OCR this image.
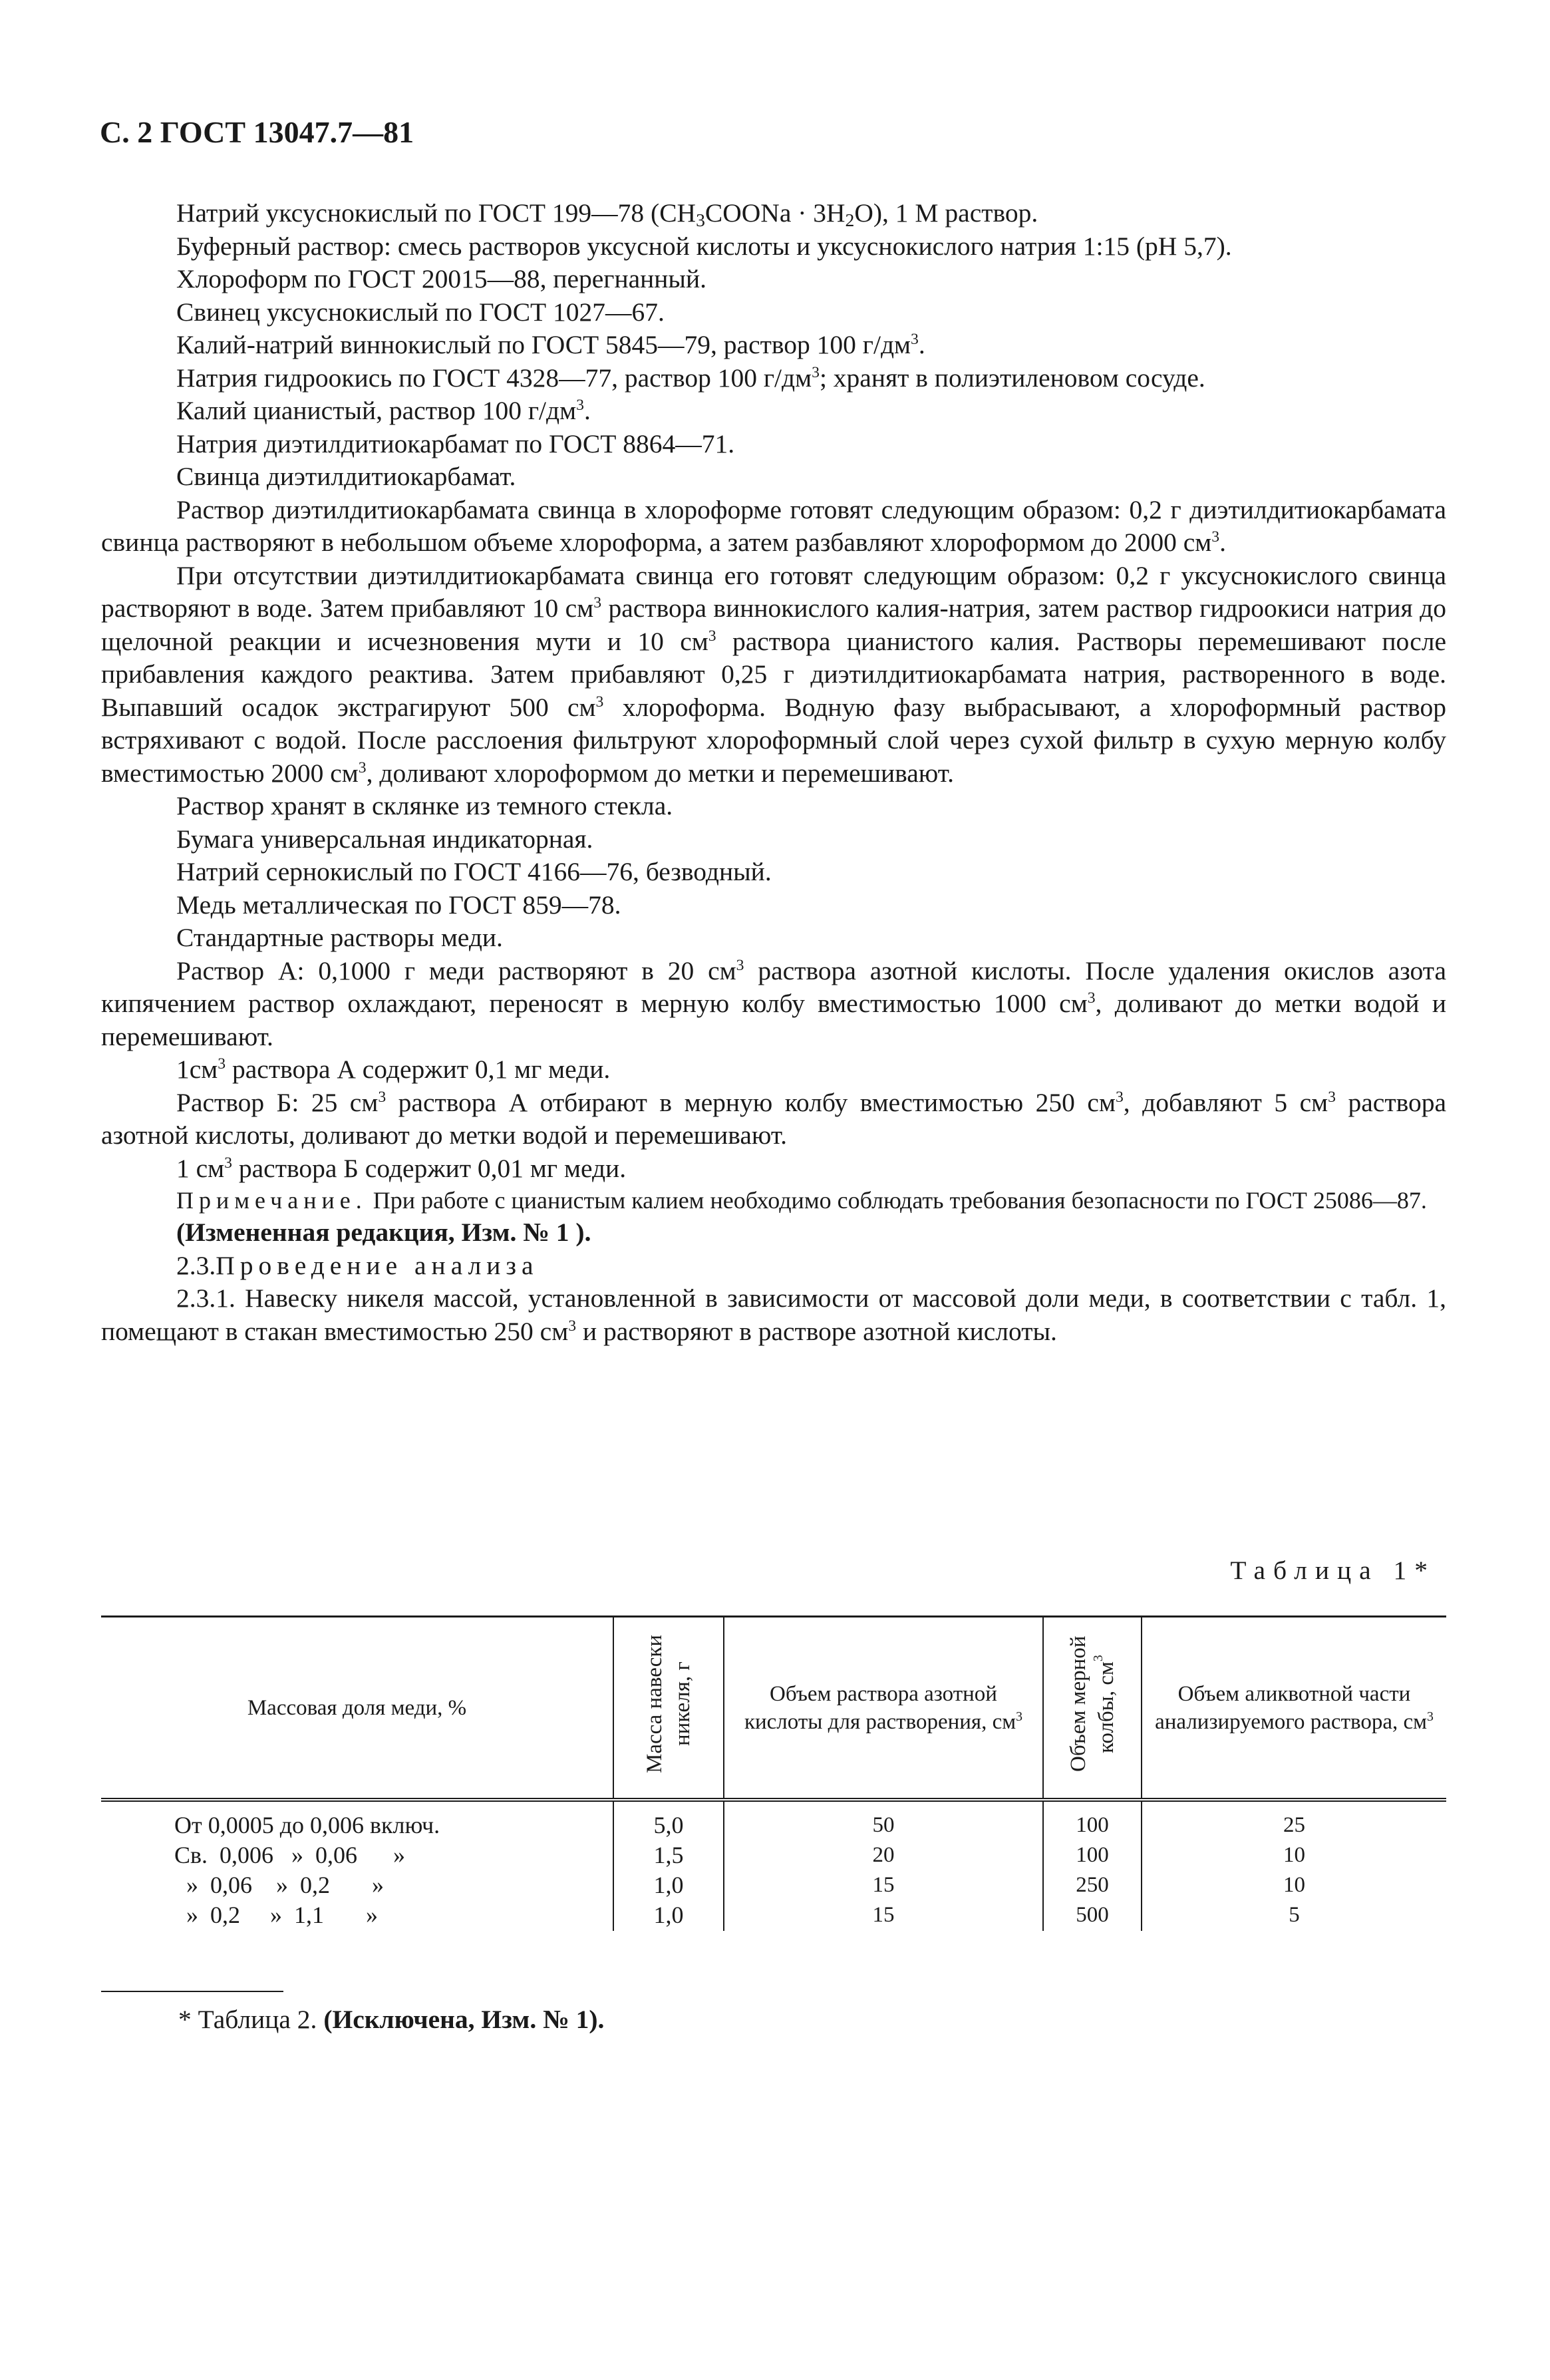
С. 2 ГОСТ 13047.7—81

Натрий уксуснокислый по ГОСТ 199—78 $(СН_3COONa \cdot 3H_2O)$, 1 М раствор.

Буферный раствор: смесь растворов уксусной кислоты и уксуснокислого натрия 1:15 (рН 5,7).

Хлороформ по ГОСТ 20015—88, перегнанный.

Свинец уксуснокислый по ГОСТ 1027—67.

Калий-натрий виннокислый по ГОСТ 5845—79, раствор 100 $г/дм^3$.

Натрия гидроокись по ГОСТ 4328—77, раствор 100 $г/дм^3$; хранят в полиэтиленовом сосуде.

Калий цианистый, раствор 100 $г/дм^3$.

Натрия диэтилдитиокарбамат по ГОСТ 8864—71.

Свинца диэтилдитиокарбамат.

Раствор диэтилдитиокарбамата свинца в хлороформе готовят следующим образом: 0,2 г диэтилдитиокарбамата свинца растворяют в небольшом объеме хлороформа, а затем разбавляют хлороформом до 2000 $см^3$.

При отсутствии диэтилдитиокарбамата свинца его готовят следующим образом: 0,2 г уксуснокислого свинца растворяют в воде. Затем прибавляют 10 $см^3$ раствора виннокислого калия-натрия, затем раствор гидроокиси натрия до щелочной реакции и исчезновения мути и 10 $см^3$ раствора цианистого калия. Растворы перемешивают после прибавления каждого реактива. Затем прибавляют 0,25 г диэтилдитиокарбамата натрия, растворенного в воде. Выпавший осадок экстрагируют 500 $см^3$ хлороформа. Водную фазу выбрасывают, а хлороформный раствор встряхивают с водой. После расслоения фильтруют хлороформный слой через сухой фильтр в сухую мерную колбу вместимостью 2000 $см^3$, доливают хлороформом до метки и перемешивают.

Раствор хранят в склянке из темного стекла.

Бумага универсальная индикаторная.

Натрий сернокислый по ГОСТ 4166—76, безводный.

Медь металлическая по ГОСТ 859—78.

Стандартные растворы меди.

Раствор А: 0,1000 г меди растворяют в 20 $см^3$ раствора азотной кислоты. После удаления окислов азота кипячением раствор охлаждают, переносят в мерную колбу вместимостью 1000 $см^3$, доливают до метки водой и перемешивают.

$1см^3$ раствора А содержит 0,1 мг меди.

Раствор Б: 25 $см^3$ раствора А отбирают в мерную колбу вместимостью 250 $см^3$, добавляют 5 $см^3$ раствора азотной кислоты, доливают до метки водой и перемешивают.

1 $см^3$ раствора Б содержит 0,01 мг меди.

Примечание. При работе с цианистым калием необходимо соблюдать требования безопасности по ГОСТ 25086—87.

(Измененная редакция, Изм. № 1 ).

2.3.Проведение анализа

2.3.1. Навеску никеля массой, установленной в зависимости от массовой доли меди, в соответствии с табл. 1, помещают в стакан вместимостью 250 $см^3$ и растворяют в растворе азотной кислоты.

Таблица 1*
Массовая доля меди, %	Масса навески никеля, г	Объем раствора азотной кислоты для растворения, $см^3$	Объем мерной колбы, $см^3$	Объем аликвотной части анализируемого раствора, $см^3$
От 0,0005 до 0,006 включ.	5,0	50	100	25
Св.  0,006   »  0,06      »	1,5	20	100	10
»  0,06    »  0,2       »	1,0	15	250	10
»  0,2     »  1,1       »	1,0	15	500	5
* Таблица 2. (Исключена, Изм. № 1).
